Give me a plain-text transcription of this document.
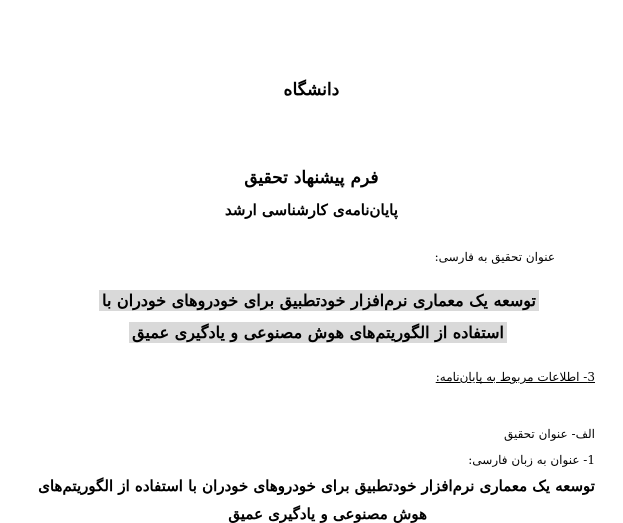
دانشگاه
فرم پیشنهاد تحقیق
پایان‌نامه‌ی کارشناسی ارشد
عنوان تحقیق به فارسی:
توسعه یک معماری نرم‌افزار خودتطبیق برای خودروهای خودران با
استفاده از الگوریتم‌های هوش مصنوعی و یادگیری عمیق
3- اطلاعات مربوط به پایان‌نامه:
الف- عنوان تحقیق
1- عنوان به زبان فارسی:
توسعه یک معماری نرم‌افزار خودتطبیق برای خودروهای خودران با استفاده از الگوریتم‌های
هوش مصنوعی و یادگیری عمیق
